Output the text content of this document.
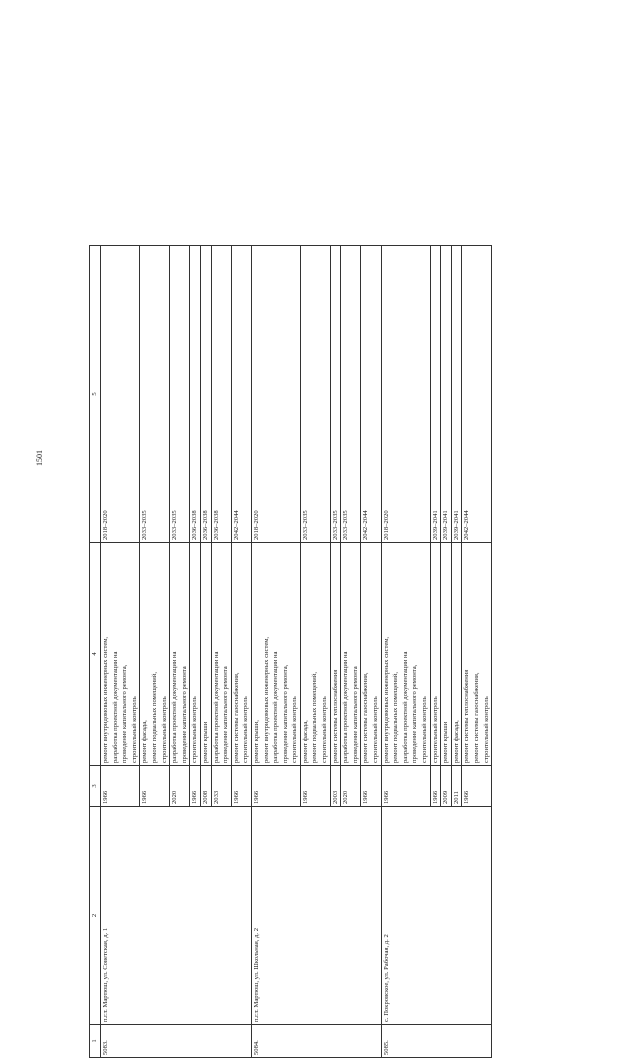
1501
1	2	3	4	5
5083.	п.г.т. Мартюш, ул. Советская, д. 1	1966	ремонт внутридомовых инженерных систем,
разработка проектной документации на
проведение капитального ремонта,
строительный контроль	2018–2020
		1966	ремонт фасада,
ремонт подвальных помещений,
строительный контроль	2033–2035
		2020	разработка проектной документации на
проведение капитального ремонта	2033–2035
		1966	строительный контроль	2036–2038
		2008	ремонт крыши	2036–2038
		2033	разработка проектной документации на
проведение капитального ремонта	2036–2038
		1966	ремонт системы газоснабжения,
строительный контроль	2042–2044
5084.	п.г.т. Мартюш, ул. Школьная, д. 2	1966	ремонт крыши,
ремонт внутридомовых инженерных систем,
разработка проектной документации на
проведение капитального ремонта,
строительный контроль	2018–2020
		1966	ремонт фасада,
ремонт подвальных помещений,
строительный контроль	2033–2035
		2003	ремонт системы теплоснабжения	2033–2035
		2020	разработка проектной документации на
проведение капитального ремонта	2033–2035
		1966	ремонт системы газоснабжения,
строительный контроль	2042–2044
5085.	с. Покровское, ул. Рабочая, д. 2	1966	ремонт внутридомовых инженерных систем,
ремонт подвальных помещений,
разработка проектной документации на
проведение капитального ремонта,
строительный контроль	2018–2020
		1966	строительный контроль	2039–2041
		2009	ремонт крыши	2039–2041
		2011	ремонт фасада,	2039–2041
		1966	ремонт системы теплоснабжения
ремонт системы газоснабжения,
строительный контроль	2042–2044
